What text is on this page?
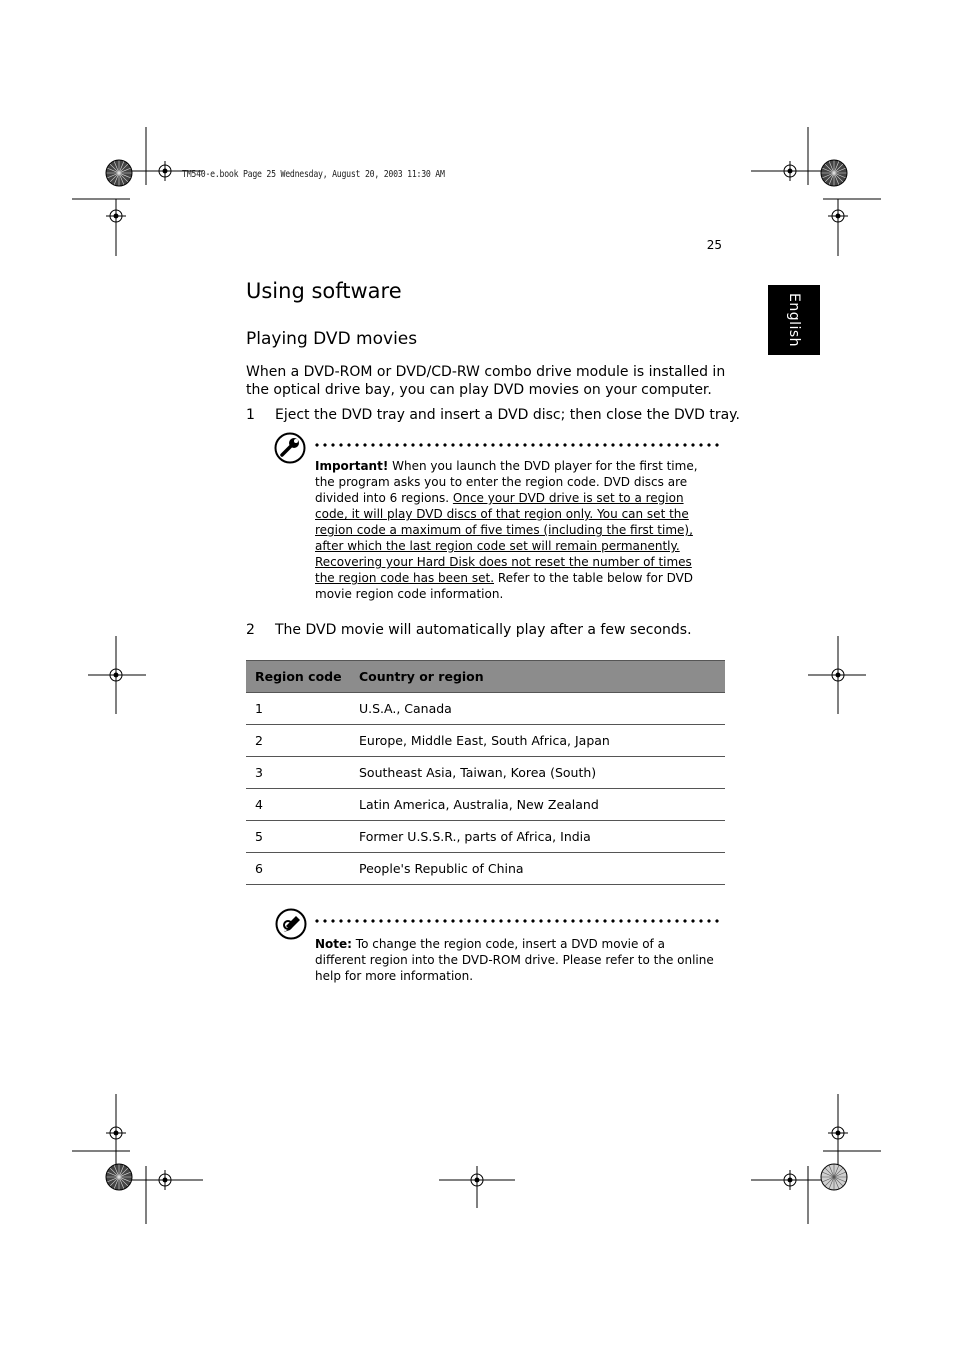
TM540-e.book Page 25 Wednesday, August 20, 2003 11:30 AM
25
English
Using software
Playing DVD movies
When a DVD-ROM or DVD/CD-RW combo drive module is installed in the optical drive bay, you can play DVD movies on your computer.
1 Eject the DVD tray and insert a DVD disc; then close the DVD tray.
Important! When you launch the DVD player for the first time, the program asks you to enter the region code. DVD discs are divided into 6 regions. Once your DVD drive is set to a region code, it will play DVD discs of that region only. You can set the region code a maximum of five times (including the first time), after which the last region code set will remain permanently. Recovering your Hard Disk does not reset the number of times the region code has been set. Refer to the table below for DVD movie region code information.
2 The DVD movie will automatically play after a few seconds.
Region code	Country or region
1	U.S.A., Canada
2	Europe, Middle East, South Africa, Japan
3	Southeast Asia, Taiwan, Korea (South)
4	Latin America, Australia, New Zealand
5	Former U.S.S.R., parts of Africa, India
6	People's Republic of China
Note: To change the region code, insert a DVD movie of a different region into the DVD-ROM drive. Please refer to the online help for more information.
